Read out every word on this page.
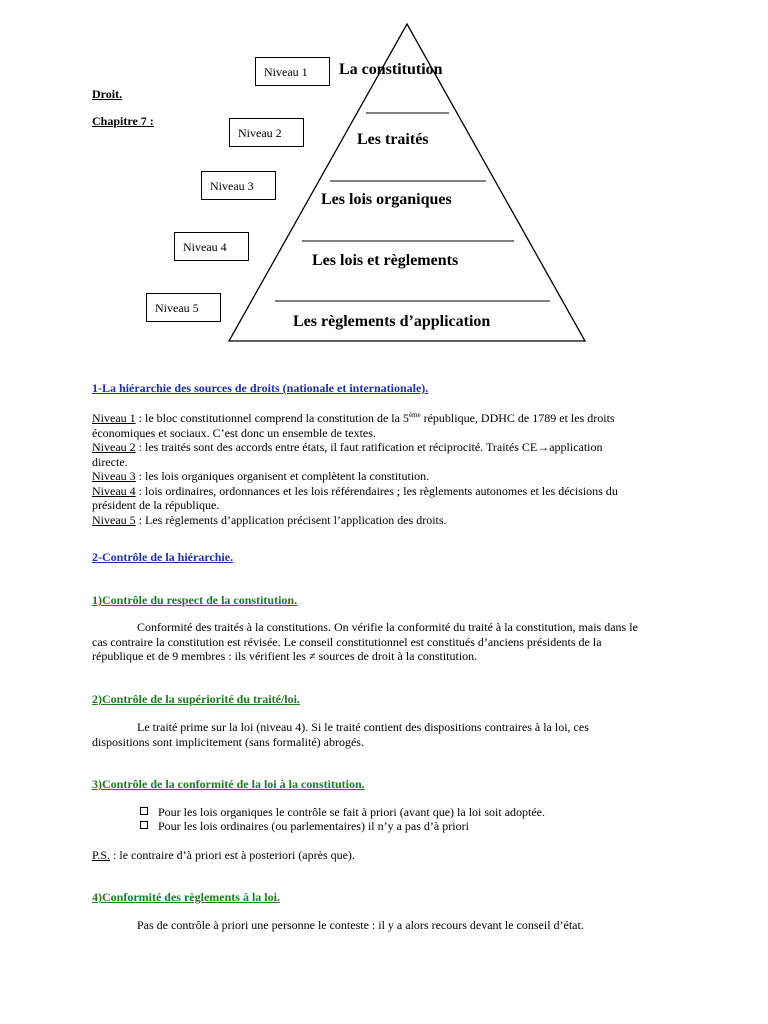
Niveau 1
Niveau 2
Niveau 3
Niveau 4
Niveau 5
La constitution
Les traités
Les lois organiques
Les lois et règlements
Les règlements d’application
Droit.
Chapitre 7 :
1-La hiérarchie des sources de droits (nationale et internationale).
Niveau 1 : le bloc constitutionnel comprend la constitution de la 5ème république, DDHC de 1789 et les droits
économiques et sociaux. C’est donc un ensemble de textes.
Niveau 2 : les traités sont des accords entre états, il faut ratification et réciprocité. Traités CE→application
directe.
Niveau 3 : les lois organiques organisent et complètent la constitution.
Niveau 4 : lois ordinaires, ordonnances et les lois référendaires ; les règlements autonomes et les décisions du
président de la république.
Niveau 5 : Les règlements d’application précisent l’application des droits.
2-Contrôle de la hiérarchie.
1)Contrôle du respect de la constitution.
Conformité des traités à la constitutions. On vérifie la conformité du traité à la constitution, mais dans le
cas contraire la constitution est révisée. Le conseil constitutionnel est constitués d’anciens présidents de la
république et de 9 membres : ils vérifient les ≠ sources de droit à la constitution.
2)Contrôle de la supériorité du traité/loi.
Le traité prime sur la loi (niveau 4). Si le traité contient des dispositions contraires à la loi, ces
dispositions sont implicitement (sans formalité) abrogés.
3)Contrôle de la conformité de la loi à la constitution.
Pour les lois organiques le contrôle se fait à priori (avant que) la loi soit adoptée.
Pour les lois ordinaires (ou parlementaires) il n’y a pas d’à priori
P.S. : le contraire d’à priori est à posteriori (après que).
4)Conformité des règlements à la loi.
Pas de contrôle à priori une personne le conteste : il y a alors recours devant le conseil d’état.
